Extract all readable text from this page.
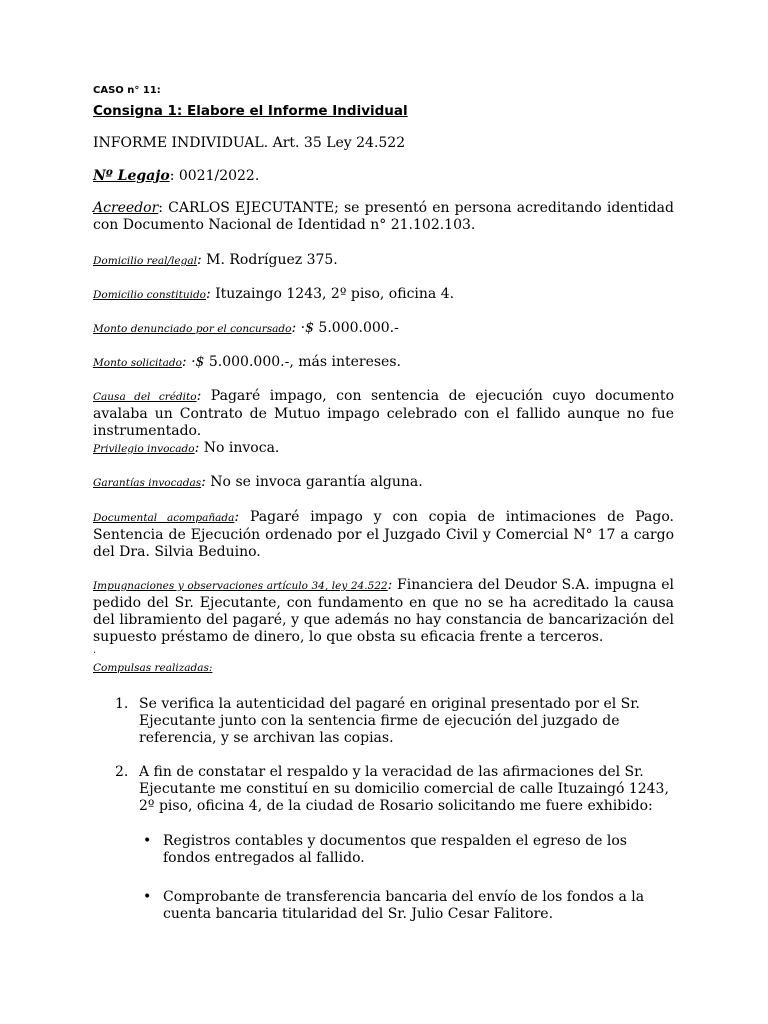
CASO n° 11:
Consigna 1: Elabore el Informe Individual
INFORME INDIVIDUAL. Art. 35 Ley 24.522
Nº Legajo: 0021/2022.
Acreedor: CARLOS EJECUTANTE; se presentó en persona acreditando identidad con Documento Nacional de Identidad n° 21.102.103.
Domicilio real/legal: M. Rodríguez 375.
Domicilio constituido: Ituzaingo 1243, 2º piso, oficina 4.
Monto denunciado por el concursado: ·$ 5.000.000.-
Monto solicitado: ·$ 5.000.000.-, más intereses.
Causa del crédito: Pagaré impago, con sentencia de ejecución cuyo documento avalaba un Contrato de Mutuo impago celebrado con el fallido aunque no fue instrumentado.
Privilegio invocado: No invoca.
Garantías invocadas: No se invoca garantía alguna.
Documental acompañada: Pagaré impago y con copia de intimaciones de Pago. Sentencia de Ejecución ordenado por el Juzgado Civil y Comercial N° 17 a cargo del Dra. Silvia Beduino.
Impugnaciones y observaciones artículo 34, ley 24.522: Financiera del Deudor S.A. impugna el pedido del Sr. Ejecutante, con fundamento en que no se ha acreditado la causa del libramiento del pagaré, y que además no hay constancia de bancarización del supuesto préstamo de dinero, lo que obsta su eficacia frente a terceros.
.
Compulsas realizadas:
1. Se verifica la autenticidad del pagaré en original presentado por el Sr. Ejecutante junto con la sentencia firme de ejecución del juzgado de referencia, y se archivan las copias.
2. A fin de constatar el respaldo y la veracidad de las afirmaciones del Sr. Ejecutante me constituí en su domicilio comercial de calle Ituzaingó 1243, 2º piso, oficina 4, de la ciudad de Rosario solicitando me fuere exhibido:
• Registros contables y documentos que respalden el egreso de los fondos entregados al fallido.
• Comprobante de transferencia bancaria del envío de los fondos a la cuenta bancaria titularidad del Sr. Julio Cesar Falitore.
